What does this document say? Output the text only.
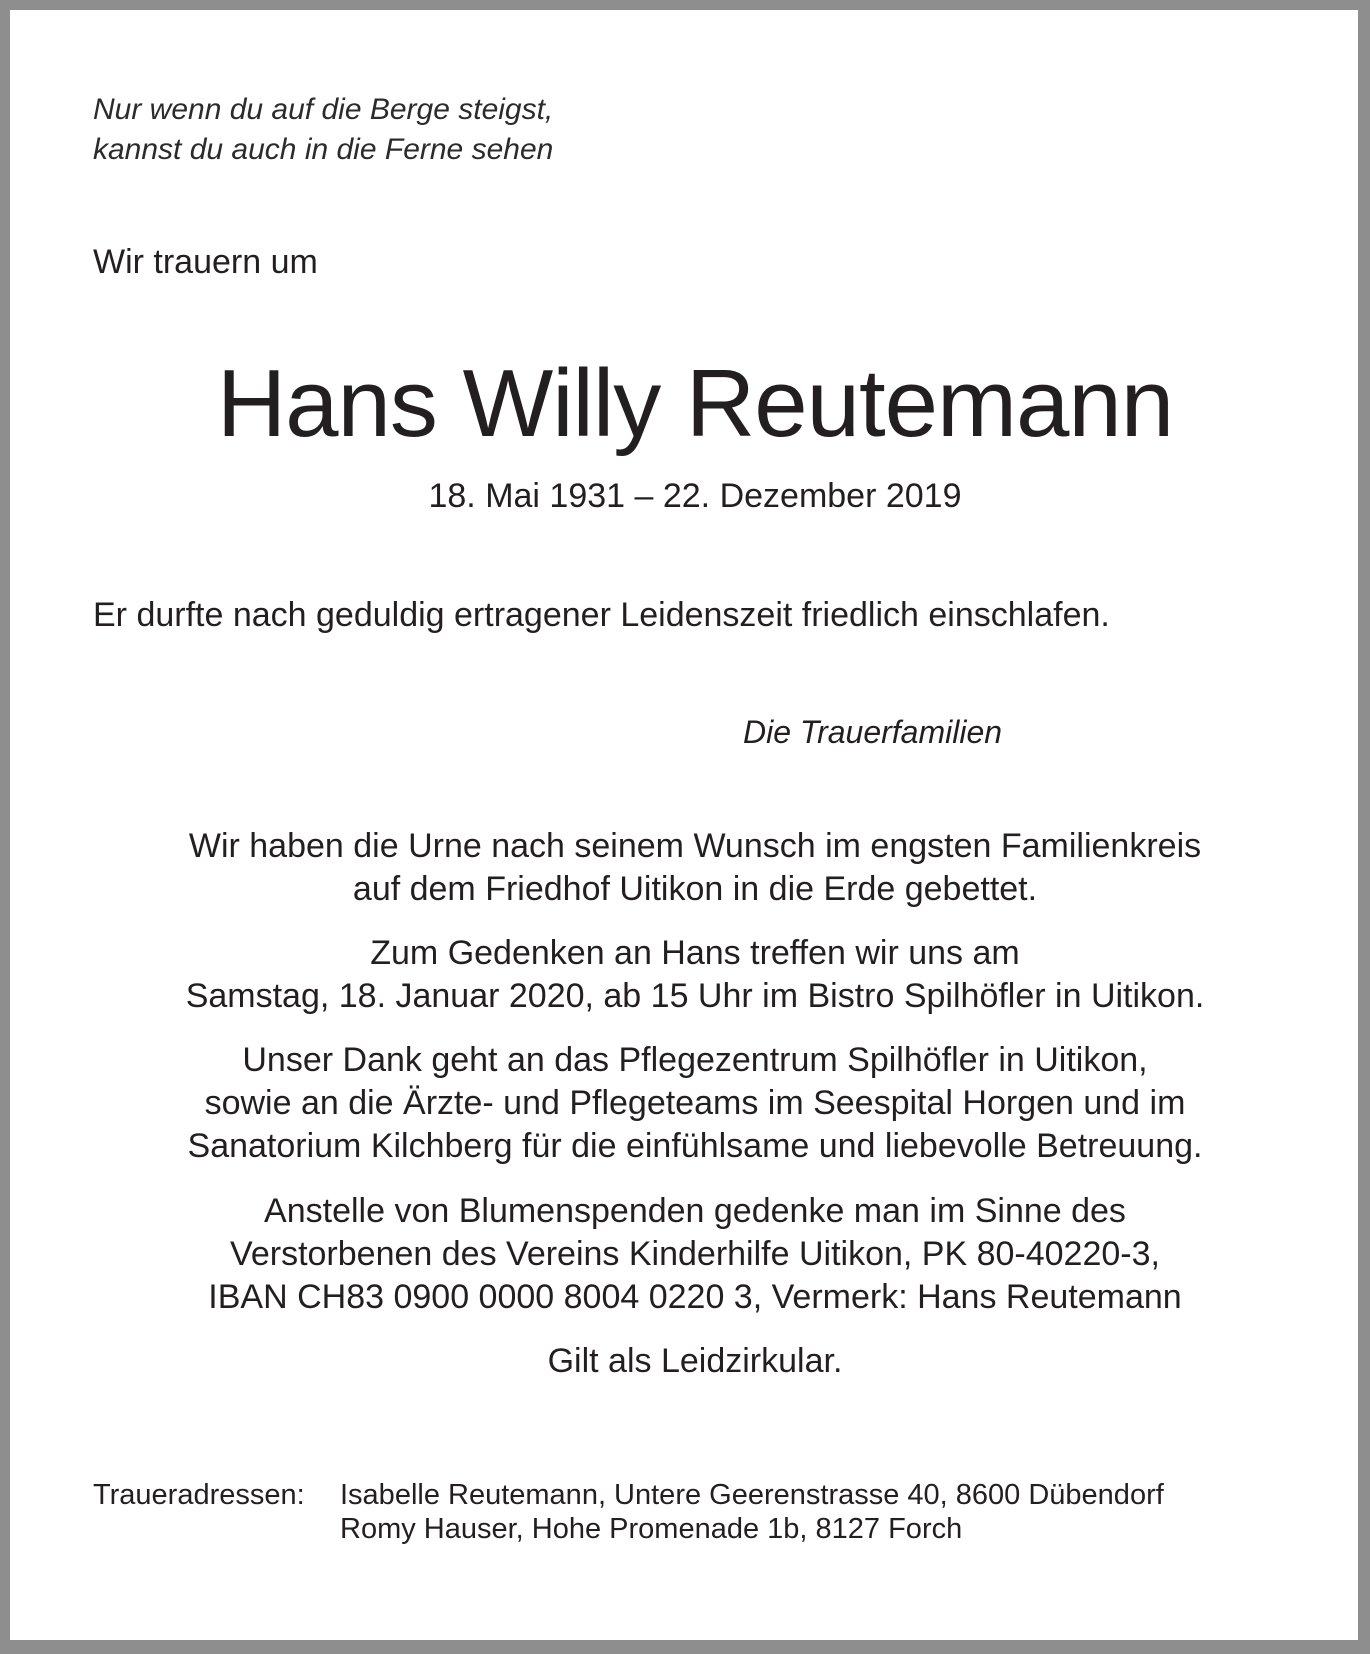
Nur wenn du auf die Berge steigst,
kannst du auch in die Ferne sehen
Wir trauern um
Hans Willy Reutemann
18. Mai 1931 – 22. Dezember 2019
Er durfte nach geduldig ertragener Leidenszeit friedlich einschlafen.
Die Trauerfamilien
Wir haben die Urne nach seinem Wunsch im engsten Familienkreis
auf dem Friedhof Uitikon in die Erde gebettet.
Zum Gedenken an Hans treffen wir uns am
Samstag, 18. Januar 2020, ab 15 Uhr im Bistro Spilhöfler in Uitikon.
Unser Dank geht an das Pflegezentrum Spilhöfler in Uitikon,
sowie an die Ärzte- und Pflegeteams im Seespital Horgen und im
Sanatorium Kilchberg für die einfühlsame und liebevolle Betreuung.
Anstelle von Blumenspenden gedenke man im Sinne des
Verstorbenen des Vereins Kinderhilfe Uitikon, PK 80-40220-3,
IBAN CH83 0900 0000 8004 0220 3, Vermerk: Hans Reutemann
Gilt als Leidzirkular.
Traueradressen: Isabelle Reutemann, Untere Geerenstrasse 40, 8600 Dübendorf
Romy Hauser, Hohe Promenade 1b, 8127 Forch
